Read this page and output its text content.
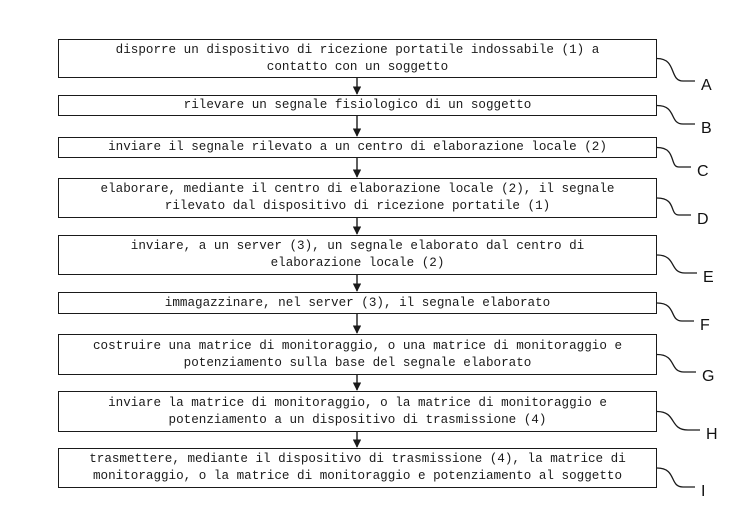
disporre un dispositivo di ricezione portatile indossabile (1) a
contatto con un soggetto
rilevare un segnale fisiologico di un soggetto
inviare il segnale rilevato a un centro di elaborazione locale (2)
elaborare, mediante il centro di elaborazione locale (2), il segnale
rilevato dal dispositivo di ricezione portatile (1)
inviare, a un server (3), un segnale elaborato dal centro di
elaborazione locale (2)
immagazzinare, nel server (3), il segnale elaborato
costruire una matrice di monitoraggio, o una matrice di monitoraggio e
potenziamento sulla base del segnale elaborato
inviare la matrice di monitoraggio, o la matrice di monitoraggio e
potenziamento a un dispositivo di trasmissione (4)
trasmettere, mediante il dispositivo di trasmissione (4), la matrice di
monitoraggio, o la matrice di monitoraggio e potenziamento al soggetto
A
B
C
D
E
F
G
H
I
